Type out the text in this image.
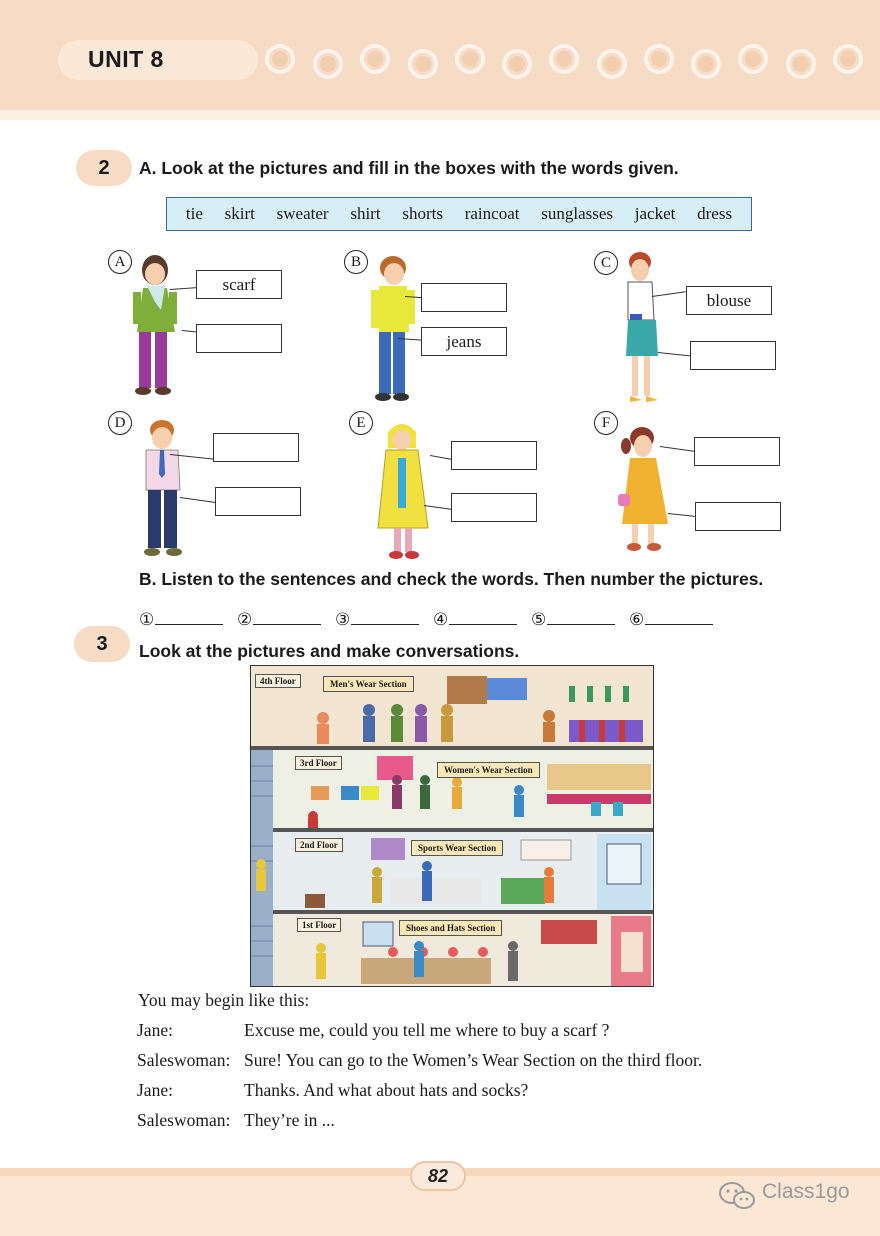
UNIT 8
2	A. Look at the pictures and fill in the boxes with the words given.
tie skirt sweater shirt shorts raincoat sunglasses jacket dress
A
scarf
B
jeans
C
blouse
D	E	F
B. Listen to the sentences and check the words. Then number the pictures.
①	②	③	④	⑤	⑥
3	Look at the pictures and make conversations.
4th Floor	Men's Wear Section
3rd Floor
Women's Wear Section
2nd Floor	Sports Wear Section
1st Floor	Shoes and Hats Section
You may begin like this:
Jane:	Excuse me, could you tell me where to buy a scarf ?
Saleswoman: Sure! You can go to the Women’s Wear Section on the third floor.
Jane:	Thanks. And what about hats and socks?
Saleswoman: They’re in ...
82
Class1go
